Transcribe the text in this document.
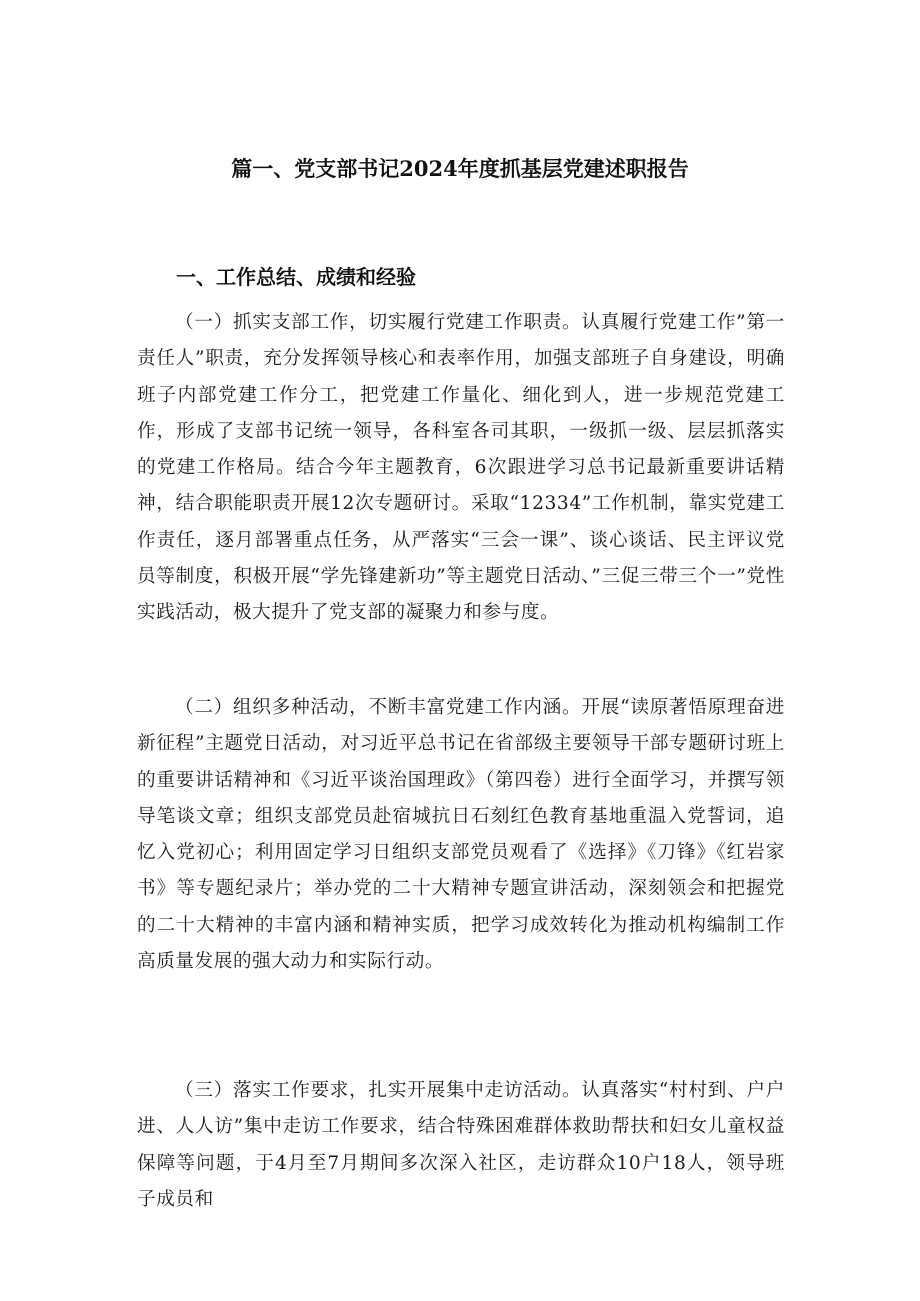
篇一、党支部书记2024年度抓基层党建述职报告
一、工作总结、成绩和经验

（一）抓实支部工作，切实履行党建工作职责。认真履行党建工作”第一责任人”职责，充分发挥领导核心和表率作用，加强支部班子自身建设，明确班子内部党建工作分工，把党建工作量化、细化到人，进一步规范党建工作，形成了支部书记统一领导，各科室各司其职，一级抓一级、层层抓落实的党建工作格局。结合今年主题教育，6次跟进学习总书记最新重要讲话精神，结合职能职责开展12次专题研讨。采取“12334”工作机制，靠实党建工作责任，逐月部署重点任务，从严落实“三会一课”、谈心谈话、民主评议党员等制度，积极开展“学先锋建新功”等主题党日活动、”三促三带三个一”党性实践活动，极大提升了党支部的凝聚力和参与度。

（二）组织多种活动，不断丰富党建工作内涵。开展“读原著悟原理奋进新征程”主题党日活动，对习近平总书记在省部级主要领导干部专题研讨班上的重要讲话精神和《习近平谈治国理政》（第四卷）进行全面学习，并撰写领导笔谈文章；组织支部党员赴宿城抗日石刻红色教育基地重温入党誓词，追忆入党初心；利用固定学习日组织支部党员观看了《选择》《刀锋》《红岩家书》等专题纪录片；举办党的二十大精神专题宣讲活动，深刻领会和把握党的二十大精神的丰富内涵和精神实质，把学习成效转化为推动机构编制工作高质量发展的强大动力和实际行动。

（三）落实工作要求，扎实开展集中走访活动。认真落实“村村到、户户进、人人访”集中走访工作要求，结合特殊困难群体救助帮扶和妇女儿童权益保障等问题，于4月至7月期间多次深入社区，走访群众10户18人，领导班子成员和
